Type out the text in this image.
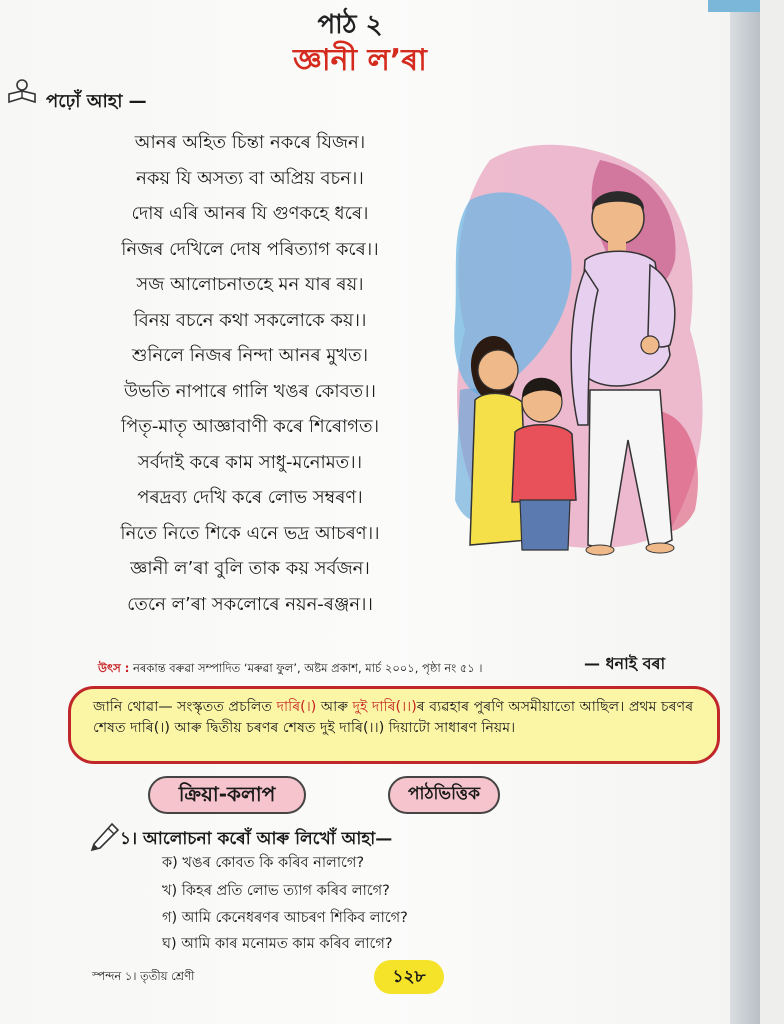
পাঠ ২
জ্ঞানী ল’ৰা
পঢ়োঁ আহা —
আনৰ অহিত চিন্তা নকৰে যিজন।
নকয় যি অসত্য বা অপ্ৰিয় বচন।।
দোষ এৰি আনৰ যি গুণকহে ধৰে।
নিজৰ দেখিলে দোষ পৰিত্যাগ কৰে।।
সজ আলোচনাতহে মন যাৰ ৰয়।
বিনয় বচনে কথা সকলোকে কয়।।
শুনিলে নিজৰ নিন্দা আনৰ মুখত।
উভতি নাপাৰে গালি খঙৰ কোবত।।
পিতৃ-মাতৃ আজ্ঞাবাণী কৰে শিৰোগত।
সৰ্বদাই কৰে কাম সাধু-মনোমত।।
পৰদ্ৰব্য দেখি কৰে লোভ সম্বৰণ।
নিতে নিতে শিকে এনে ভদ্ৰ আচৰণ।।
জ্ঞানী ল’ৰা বুলি তাক কয় সৰ্বজন।
তেনে ল’ৰা সকলোৰে নয়ন-ৰঞ্জন।।
উৎস : নৰকান্ত বৰুৱা সম্পাদিত ‘মৰুৱা ফুল’, অষ্টম প্ৰকাশ, মাৰ্চ ২০০১, পৃষ্ঠা নং ৫১ ।	— ধনাই বৰা
জানি থোৱা— সংস্কৃতত প্ৰচলিত দাৰি(।) আৰু দুই দাৰি(।।)ৰ ব্যৱহাৰ পুৰণি অসমীয়াতো আছিল। প্ৰথম চৰণৰ শেষত দাৰি(।) আৰু দ্বিতীয় চৰণৰ শেষত দুই দাৰি(।।) দিয়াটো সাধাৰণ নিয়ম।
ক্ৰিয়া-কলাপ	পাঠভিত্তিক
১। আলোচনা কৰোঁ আৰু লিখোঁ আহা—
ক) খঙৰ কোবত কি কৰিব নালাগে?
খ) কিহৰ প্ৰতি লোভ ত্যাগ কৰিব লাগে?
গ) আমি কেনেধৰণৰ আচৰণ শিকিব লাগে?
ঘ) আমি কাৰ মনোমত কাম কৰিব লাগে?
স্পন্দন ১। তৃতীয় শ্ৰেণী	১২৮
